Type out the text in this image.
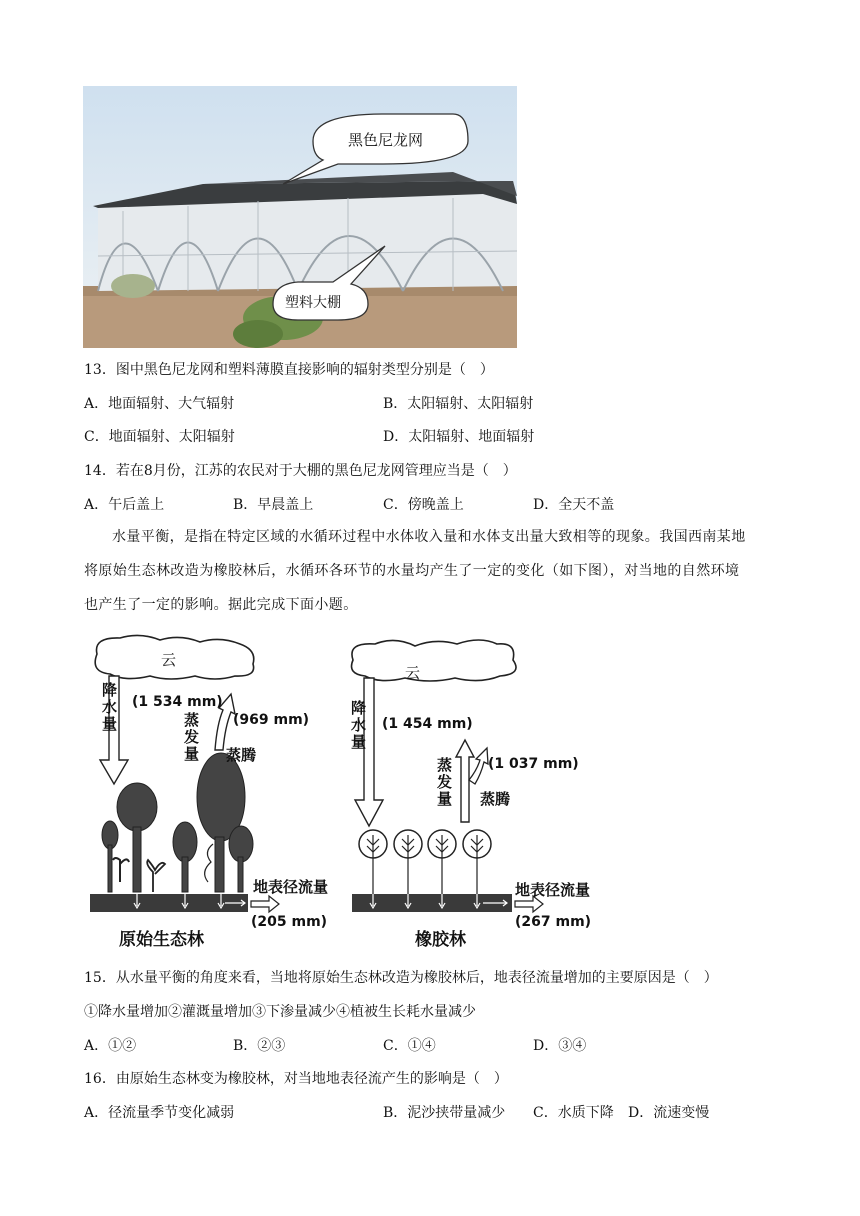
黑色尼龙网
塑料大棚
13．图中黑色尼龙网和塑料薄膜直接影响的辐射类型分别是（　）
A．地面辐射、大气辐射	B．太阳辐射、太阳辐射
C．地面辐射、太阳辐射	D．太阳辐射、地面辐射
14．若在8月份，江苏的农民对于大棚的黑色尼龙网管理应当是（　）
A．午后盖上	B．早晨盖上	C．傍晚盖上	D．全天不盖
水量平衡，是指在特定区域的水循环过程中水体收入量和水体支出量大致相等的现象。我国西南某地
将原始生态林改造为橡胶林后，水循环各环节的水量均产生了一定的变化（如下图），对当地的自然环境
也产生了一定的影响。据此完成下面小题。
云
降
水
量
(1 534 mm)
蒸
发
量
(969 mm)
蒸腾
地表径流量
(205 mm)
原始生态林
云
降
水
量
(1 454 mm)
蒸
发
量
(1 037 mm)
蒸腾
地表径流量
(267 mm)
橡胶林
15．从水量平衡的角度来看，当地将原始生态林改造为橡胶林后，地表径流量增加的主要原因是（　）
①降水量增加②灌溉量增加③下渗量减少④植被生长耗水量减少
A．①②	B．②③	C．①④	D．③④
16．由原始生态林变为橡胶林，对当地地表径流产生的影响是（　）
A．径流量季节变化减弱	B．泥沙挟带量减少 C．水质下降 D．流速变慢
